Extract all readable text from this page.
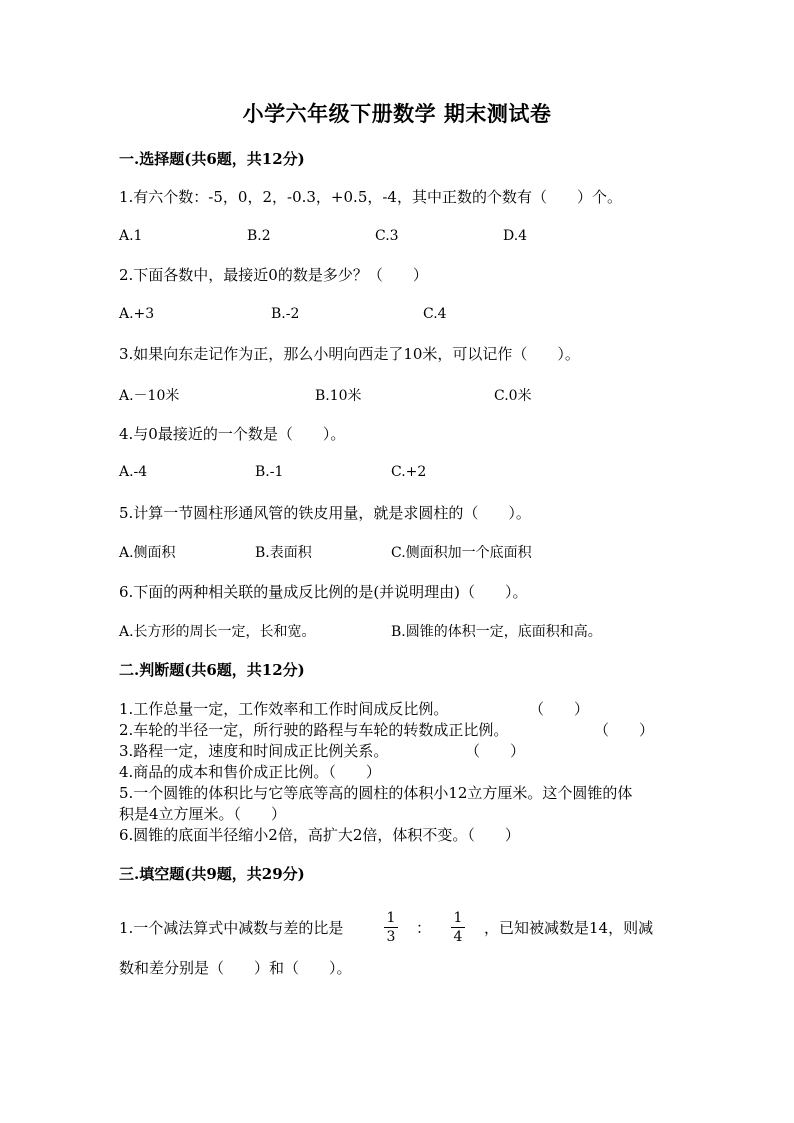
小学六年级下册数学 期末测试卷
一.选择题(共6题，共12分)
1.有六个数：-5，0，2，-0.3，+0.5，-4，其中正数的个数有（　　）个。
A.1	B.2	C.3	D.4
2.下面各数中，最接近0的数是多少？（　　）
A.+3	B.-2	C.4
3.如果向东走记作为正，那么小明向西走了10米，可以记作（　　）。
A.－10米	B.10米	C.0米
4.与0最接近的一个数是（　　）。
A.-4	B.-1	C.+2
5.计算一节圆柱形通风管的铁皮用量，就是求圆柱的（　　）。
A.侧面积	B.表面积	C.侧面积加一个底面积
6.下面的两种相关联的量成反比例的是(并说明理由)（　　）。
A.长方形的周长一定，长和宽。	B.圆锥的体积一定，底面积和高。
二.判断题(共6题，共12分)
1.工作总量一定，工作效率和工作时间成反比例。	（　　）
2.车轮的半径一定，所行驶的路程与车轮的转数成正比例。	（　　）
3.路程一定，速度和时间成正比例关系。	（　　）
4.商品的成本和售价成正比例。（　　）
5.一个圆锥的体积比与它等底等高的圆柱的体积小12立方厘米。这个圆锥的体
积是4立方厘米。（　　）
6.圆锥的底面半径缩小2倍，高扩大2倍，体积不变。（　　）
三.填空题(共9题，共29分)
1.一个减法算式中减数与差的比是
1
3 ：
1
4 ，已知被减数是14，则减
数和差分别是（　　）和（　　）。
